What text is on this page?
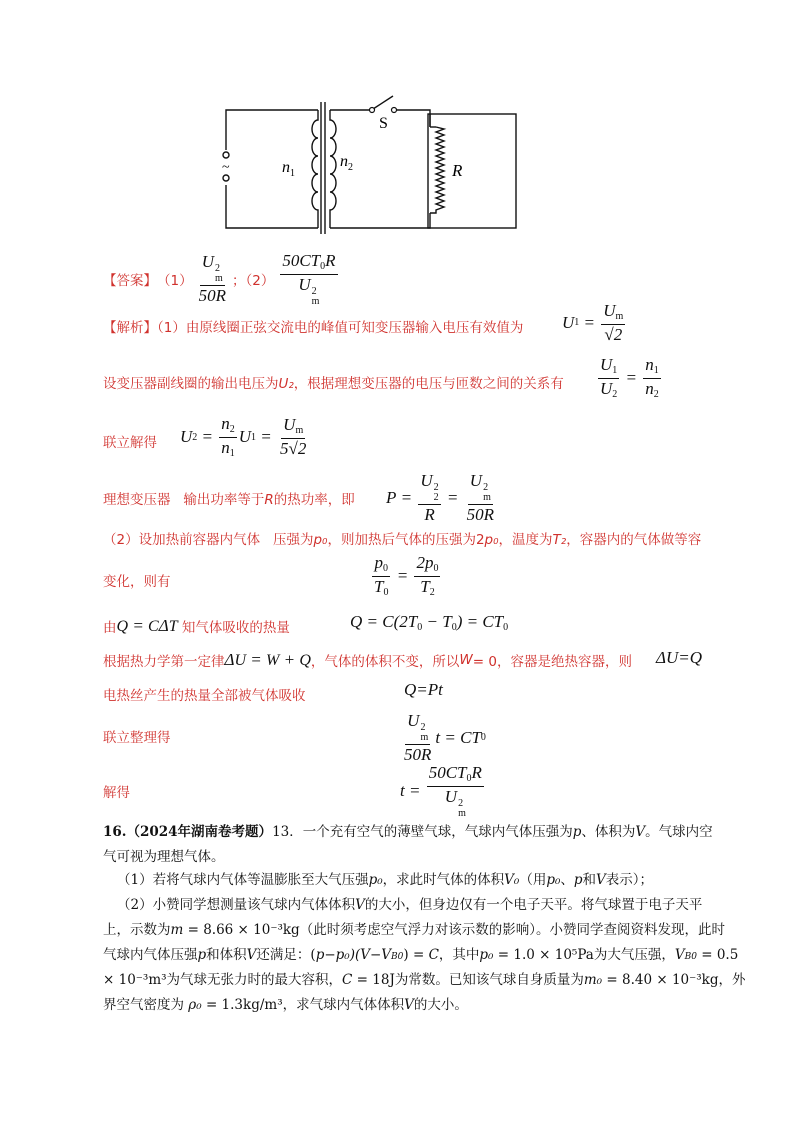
~	$n_1$
$n_2$
S
R
【答案】 （1） U 2
m
50R ；（2） $50CT_0R$
U 2
m
【解析】（1）由原线圈正弦交流电的峰值可知变压器输入电压有效值为 U $1 = \frac{U_m}{√2}$
设变压器副线圈的输出电压为U₂，根据理想变压器的电压与匝数之间的关系有 $\frac{U_1}{U_2} = \frac{n_1}{n_2}$
联立解得 U $2 = \frac{n_2}{n_1}$ U $1 = \frac{U_m}{5√2}$
理想变压器 输出功率等于R的热功率，即 P = U 2
2
R = U 2
m
50R
（2）设加热前容器内气体 压强为p₀，则加热后气体的压强为2p₀，温度为T₂，容器内的气体做等容
变化，则有	$\frac{p_0}{T_0} = \frac{2p_0}{T_2}$
由 Q = CΔT
知气体吸收的热量	$Q = C(2T_0 - T_0) = CT_0$
根据热力学第一定律 ΔU = W + Q ，气体的体积不变，所以 W = 0，容器是绝热容器，则 ΔU=Q
电热丝产生的热量全部被气体吸收	Q=Pt
联立整理得	U 2
m
50R t = CT 0
解得	$t = 50CT_0R$
U 2
m
16.（2024年湖南卷考题）13．一个充有空气的薄壁气球，气球内气体压强为p、体积为V。气球内空
气可视为理想气体。
（1）若将气球内气体等温膨胀至大气压强p₀，求此时气体的体积V₀（用p₀、p和V表示）；
（2）小赞同学想测量该气球内气体体积V的大小，但身边仅有一个电子天平。将气球置于电子天平
上，示数为m = 8.66 × 10⁻³kg（此时须考虑空气浮力对该示数的影响）。小赞同学查阅资料发现，此时
气球内气体压强p和体积V还满足：(p−p₀)(V−VB0) = C，其中p₀ = 1.0 × 10⁵Pa为大气压强，VB0 = 0.5
× 10⁻³m³为气球无张力时的最大容积，C = 18J为常数。已知该气球自身质量为m₀ = 8.40 × 10⁻³kg，外
界空气密度为 ρ₀ = 1.3kg/m³，求气球内气体体积V的大小。
